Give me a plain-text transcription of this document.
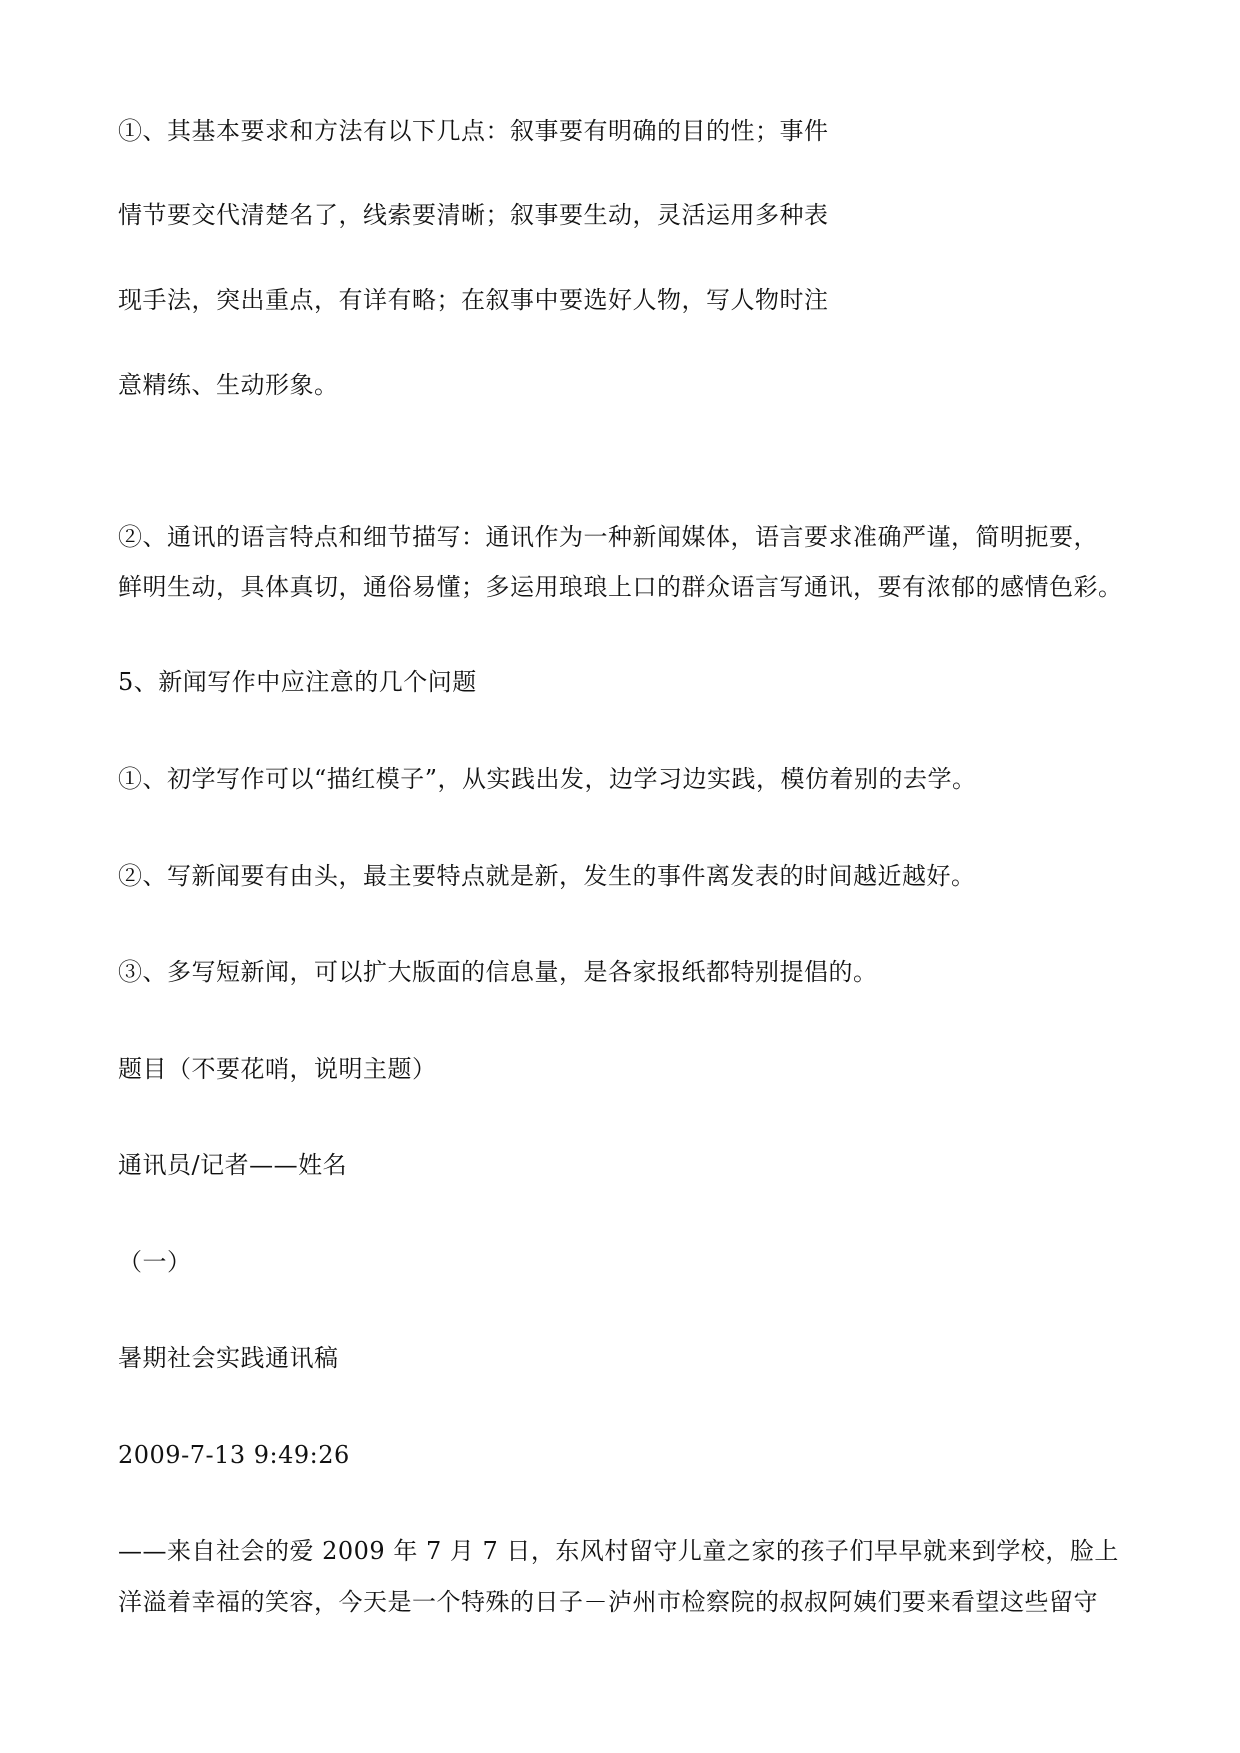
①、其基本要求和方法有以下几点：叙事要有明确的目的性；事件
情节要交代清楚名了，线索要清晰；叙事要生动，灵活运用多种表
现手法，突出重点，有详有略；在叙事中要选好人物，写人物时注
意精练、生动形象。
②、通讯的语言特点和细节描写：通讯作为一种新闻媒体，语言要求准确严谨，简明扼要，
鲜明生动，具体真切，通俗易懂；多运用琅琅上口的群众语言写通讯，要有浓郁的感情色彩。
5、新闻写作中应注意的几个问题
①、初学写作可以“描红模子”，从实践出发，边学习边实践，模仿着别的去学。
②、写新闻要有由头，最主要特点就是新，发生的事件离发表的时间越近越好。
③、多写短新闻，可以扩大版面的信息量，是各家报纸都特别提倡的。
题目（不要花哨，说明主题）
通讯员/记者——姓名
（一）
暑期社会实践通讯稿
2009-7-13 9:49:26
——来自社会的爱 2009 年 7 月 7 日，东风村留守儿童之家的孩子们早早就来到学校，脸上
洋溢着幸福的笑容，今天是一个特殊的日子－泸州市检察院的叔叔阿姨们要来看望这些留守
